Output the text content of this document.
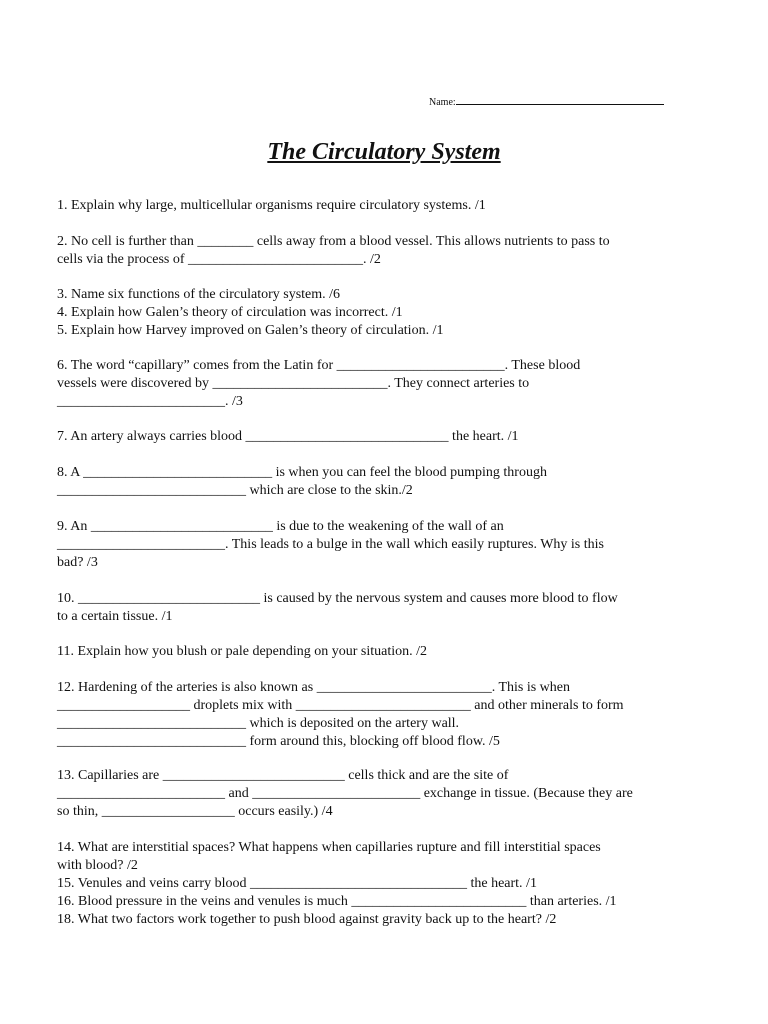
Name:
The Circulatory System
1. Explain why large, multicellular organisms require circulatory systems. /1
2. No cell is further than ________ cells away from a blood vessel. This allows nutrients to pass to
cells via the process of _________________________. /2
3. Name six functions of the circulatory system. /6
4. Explain how Galen’s theory of circulation was incorrect. /1
5. Explain how Harvey improved on Galen’s theory of circulation. /1
6. The word “capillary” comes from the Latin for ________________________. These blood
vessels were discovered by _________________________. They connect arteries to
________________________. /3
7. An artery always carries blood _____________________________ the heart. /1
8. A ___________________________ is when you can feel the blood pumping through
___________________________ which are close to the skin./2
9. An __________________________ is due to the weakening of the wall of an
________________________. This leads to a bulge in the wall which easily ruptures. Why is this
bad? /3
10. __________________________ is caused by the nervous system and causes more blood to flow
to a certain tissue. /1
11. Explain how you blush or pale depending on your situation. /2
12. Hardening of the arteries is also known as _________________________. This is when
___________________ droplets mix with _________________________ and other minerals to form
___________________________ which is deposited on the artery wall.
___________________________ form around this, blocking off blood flow. /5
13. Capillaries are __________________________ cells thick and are the site of
________________________ and ________________________ exchange in tissue. (Because they are
so thin, ___________________ occurs easily.) /4
14. What are interstitial spaces? What happens when capillaries rupture and fill interstitial spaces
with blood? /2
15. Venules and veins carry blood _______________________________ the heart. /1
16. Blood pressure in the veins and venules is much _________________________ than arteries. /1
18. What two factors work together to push blood against gravity back up to the heart? /2
